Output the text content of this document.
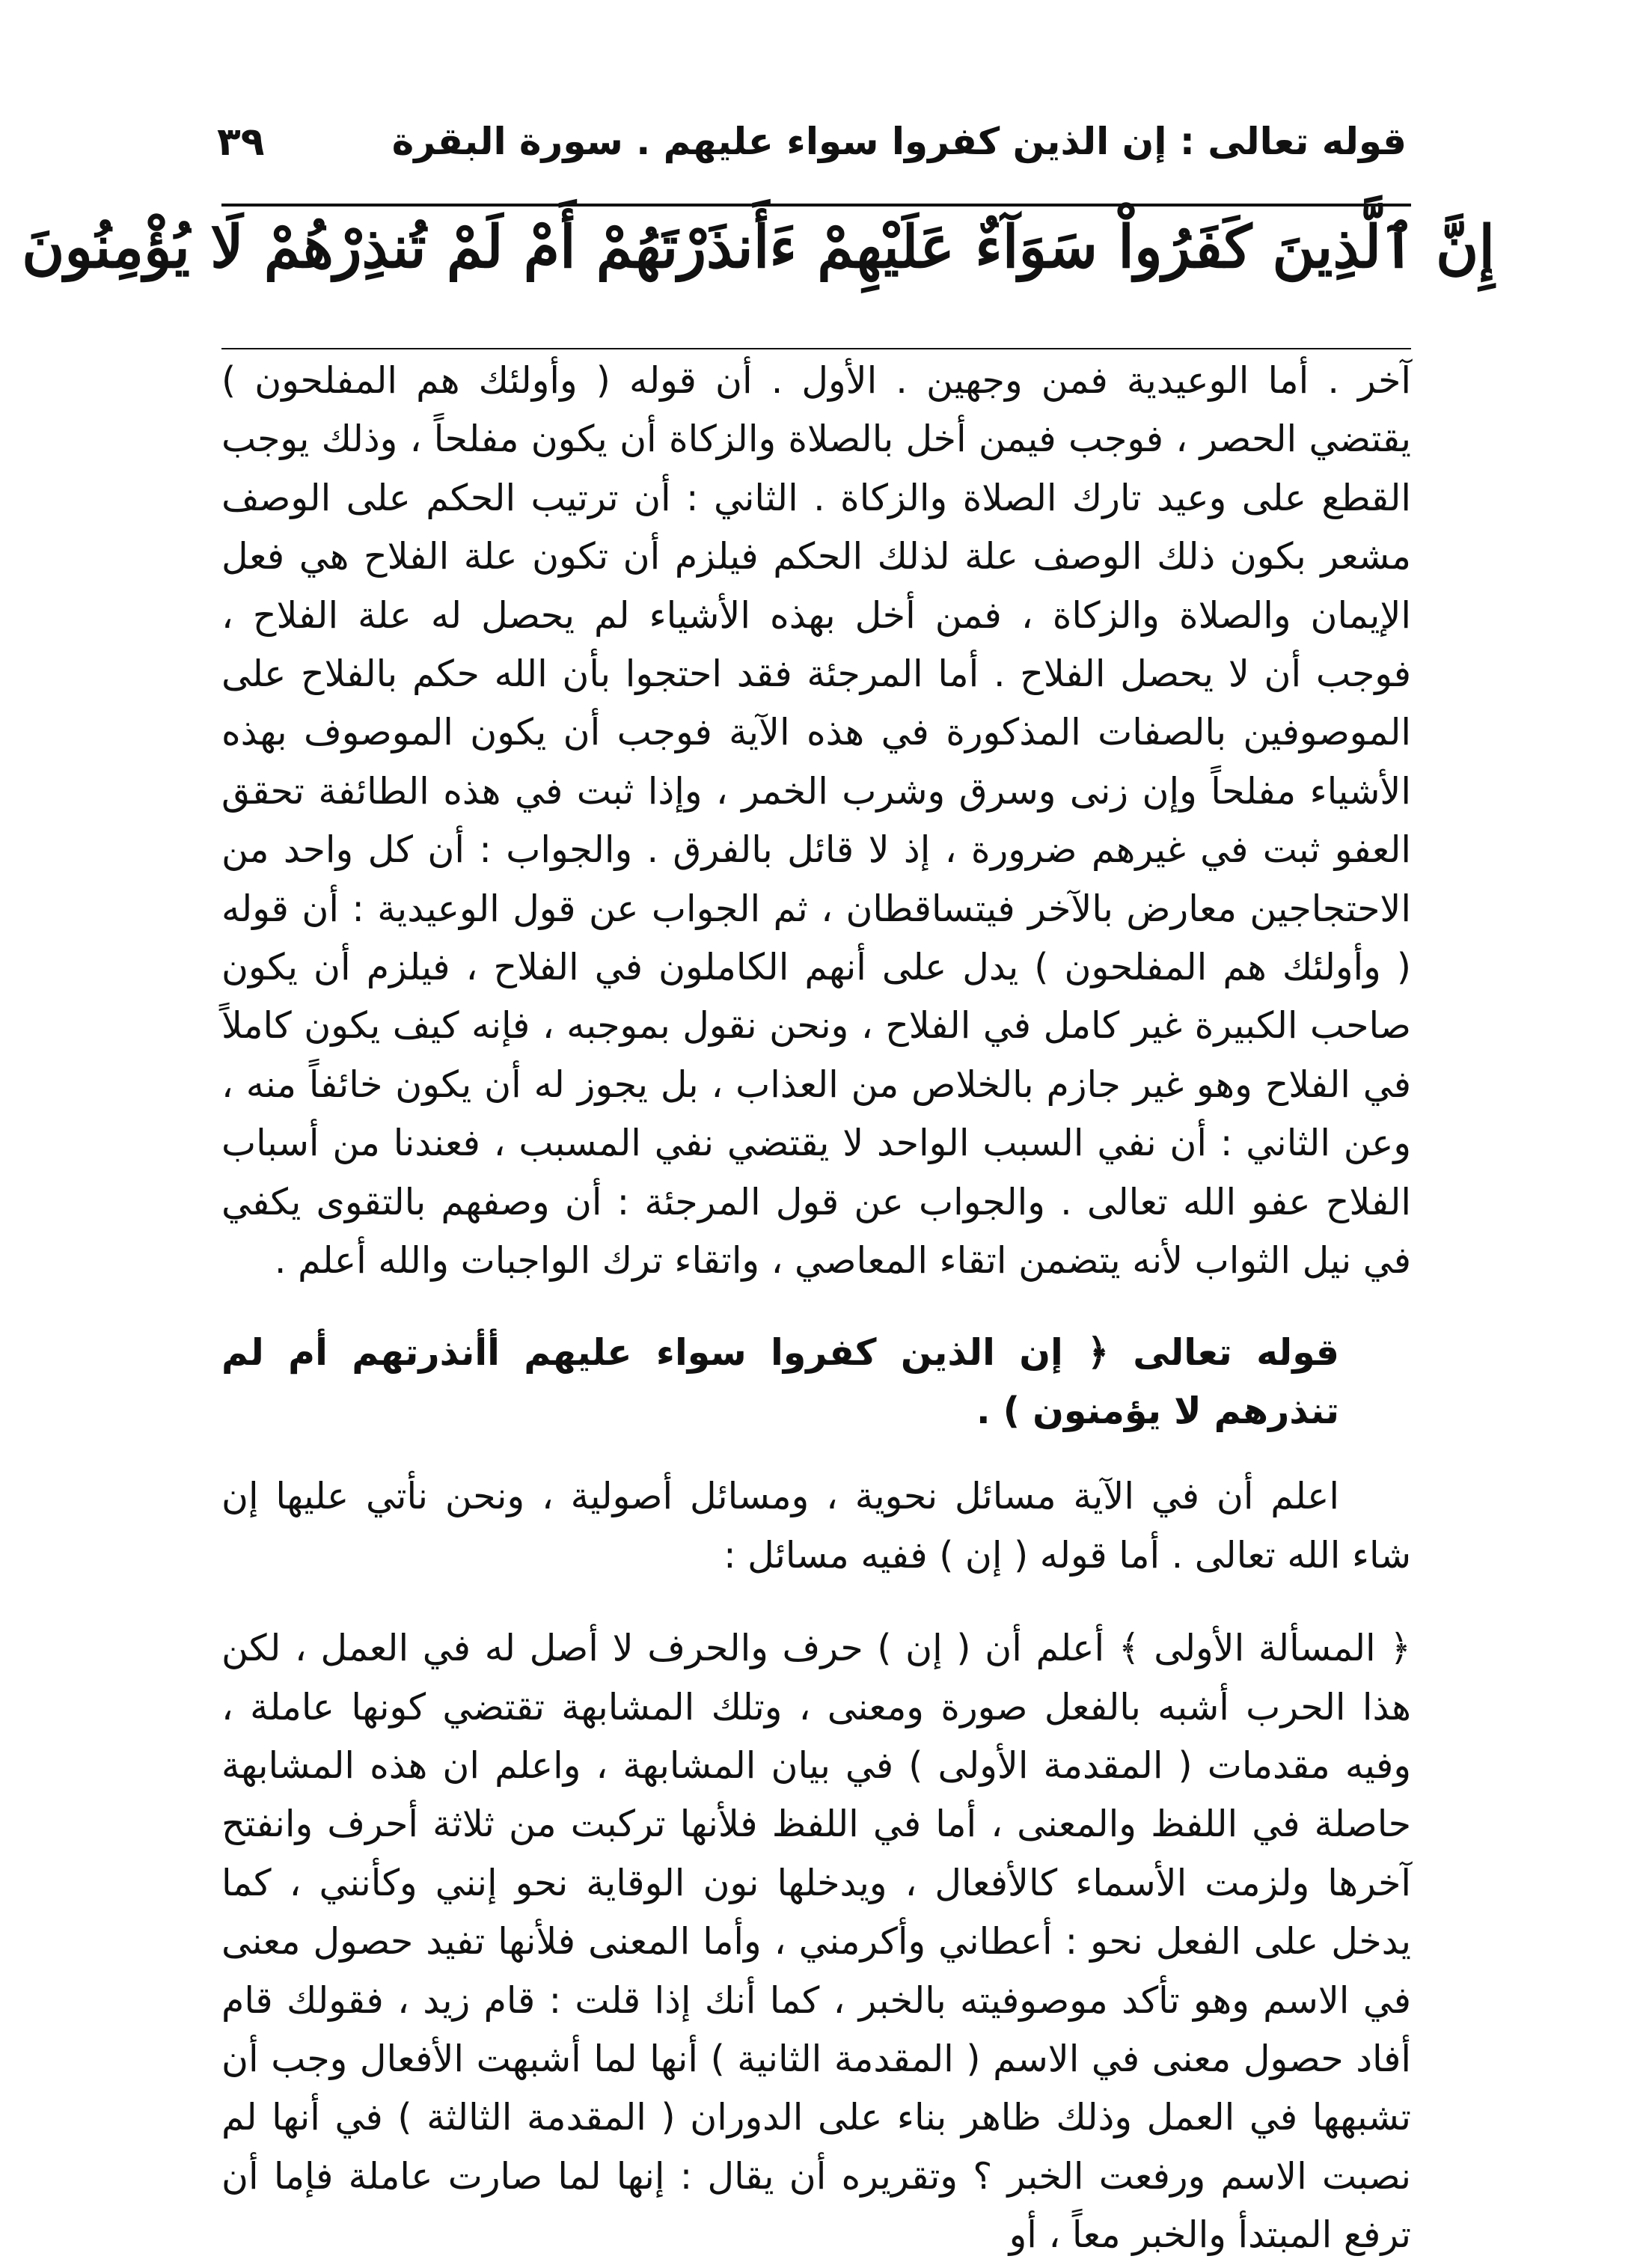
٣٩	قوله تعالى : إن الذين كفروا سواء عليهم . سورة البقرة
إِنَّ ٱلَّذِينَ كَفَرُواْ سَوَآءٌ عَلَيْهِمْ ءَأَنذَرْتَهُمْ أَمْ لَمْ تُنذِرْهُمْ لَا يُؤْمِنُونَ

آخر . أما الوعيدية فمن وجهين . الأول . أن قوله ( وأولئك هم المفلحون ) يقتضي الحصر ، فوجب فيمن أخل بالصلاة والزكاة أن يكون مفلحاً ، وذلك يوجب القطع على وعيد تارك الصلاة والزكاة . الثاني : أن ترتيب الحكم على الوصف مشعر بكون ذلك الوصف علة لذلك الحكم فيلزم أن تكون علة الفلاح هي فعل الإيمان والصلاة والزكاة ، فمن أخل بهذه الأشياء لم يحصل له علة الفلاح ، فوجب أن لا يحصل الفلاح . أما المرجئة فقد احتجوا بأن الله حكم بالفلاح على الموصوفين بالصفات المذكورة في هذه الآية فوجب أن يكون الموصوف بهذه الأشياء مفلحاً وإن زنى وسرق وشرب الخمر ، وإذا ثبت في هذه الطائفة تحقق العفو ثبت في غيرهم ضرورة ، إذ لا قائل بالفرق . والجواب : أن كل واحد من الاحتجاجين معارض بالآخر فيتساقطان ، ثم الجواب عن قول الوعيدية : أن قوله ( وأولئك هم المفلحون ) يدل على أنهم الكاملون في الفلاح ، فيلزم أن يكون صاحب الكبيرة غير كامل في الفلاح ، ونحن نقول بموجبه ، فإنه كيف يكون كاملاً في الفلاح وهو غير جازم بالخلاص من العذاب ، بل يجوز له أن يكون خائفاً منه ، وعن الثاني : أن نفي السبب الواحد لا يقتضي نفي المسبب ، فعندنا من أسباب الفلاح عفو الله تعالى . والجواب عن قول المرجئة : أن وصفهم بالتقوى يكفي في نيل الثواب لأنه يتضمن اتقاء المعاصي ، واتقاء ترك الواجبات والله أعلم .

قوله تعالى ﴿ إن الذين كفروا سواء عليهم أأنذرتهم أم لم تنذرهم لا يؤمنون ) .

اعلم أن في الآية مسائل نحوية ، ومسائل أصولية ، ونحن نأتي عليها إن شاء الله تعالى . أما قوله ( إن ) ففيه مسائل :

﴿ المسألة الأولى ﴾ أعلم أن ( إن ) حرف والحرف لا أصل له في العمل ، لكن هذا الحرب أشبه بالفعل صورة ومعنى ، وتلك المشابهة تقتضي كونها عاملة ، وفيه مقدمات ( المقدمة الأولى ) في بيان المشابهة ، واعلم ان هذه المشابهة حاصلة في اللفظ والمعنى ، أما في اللفظ فلأنها تركبت من ثلاثة أحرف وانفتح آخرها ولزمت الأسماء كالأفعال ، ويدخلها نون الوقاية نحو إنني وكأنني ، كما يدخل على الفعل نحو : أعطاني وأكرمني ، وأما المعنى فلأنها تفيد حصول معنى في الاسم وهو تأكد موصوفيته بالخبر ، كما أنك إذا قلت : قام زيد ، فقولك قام أفاد حصول معنى في الاسم ( المقدمة الثانية ) أنها لما أشبهت الأفعال وجب أن تشبهها في العمل وذلك ظاهر بناء على الدوران ( المقدمة الثالثة ) في أنها لم نصبت الاسم ورفعت الخبر ؟ وتقريره أن يقال : إنها لما صارت عاملة فإما أن ترفع المبتدأ والخبر معاً ، أو
